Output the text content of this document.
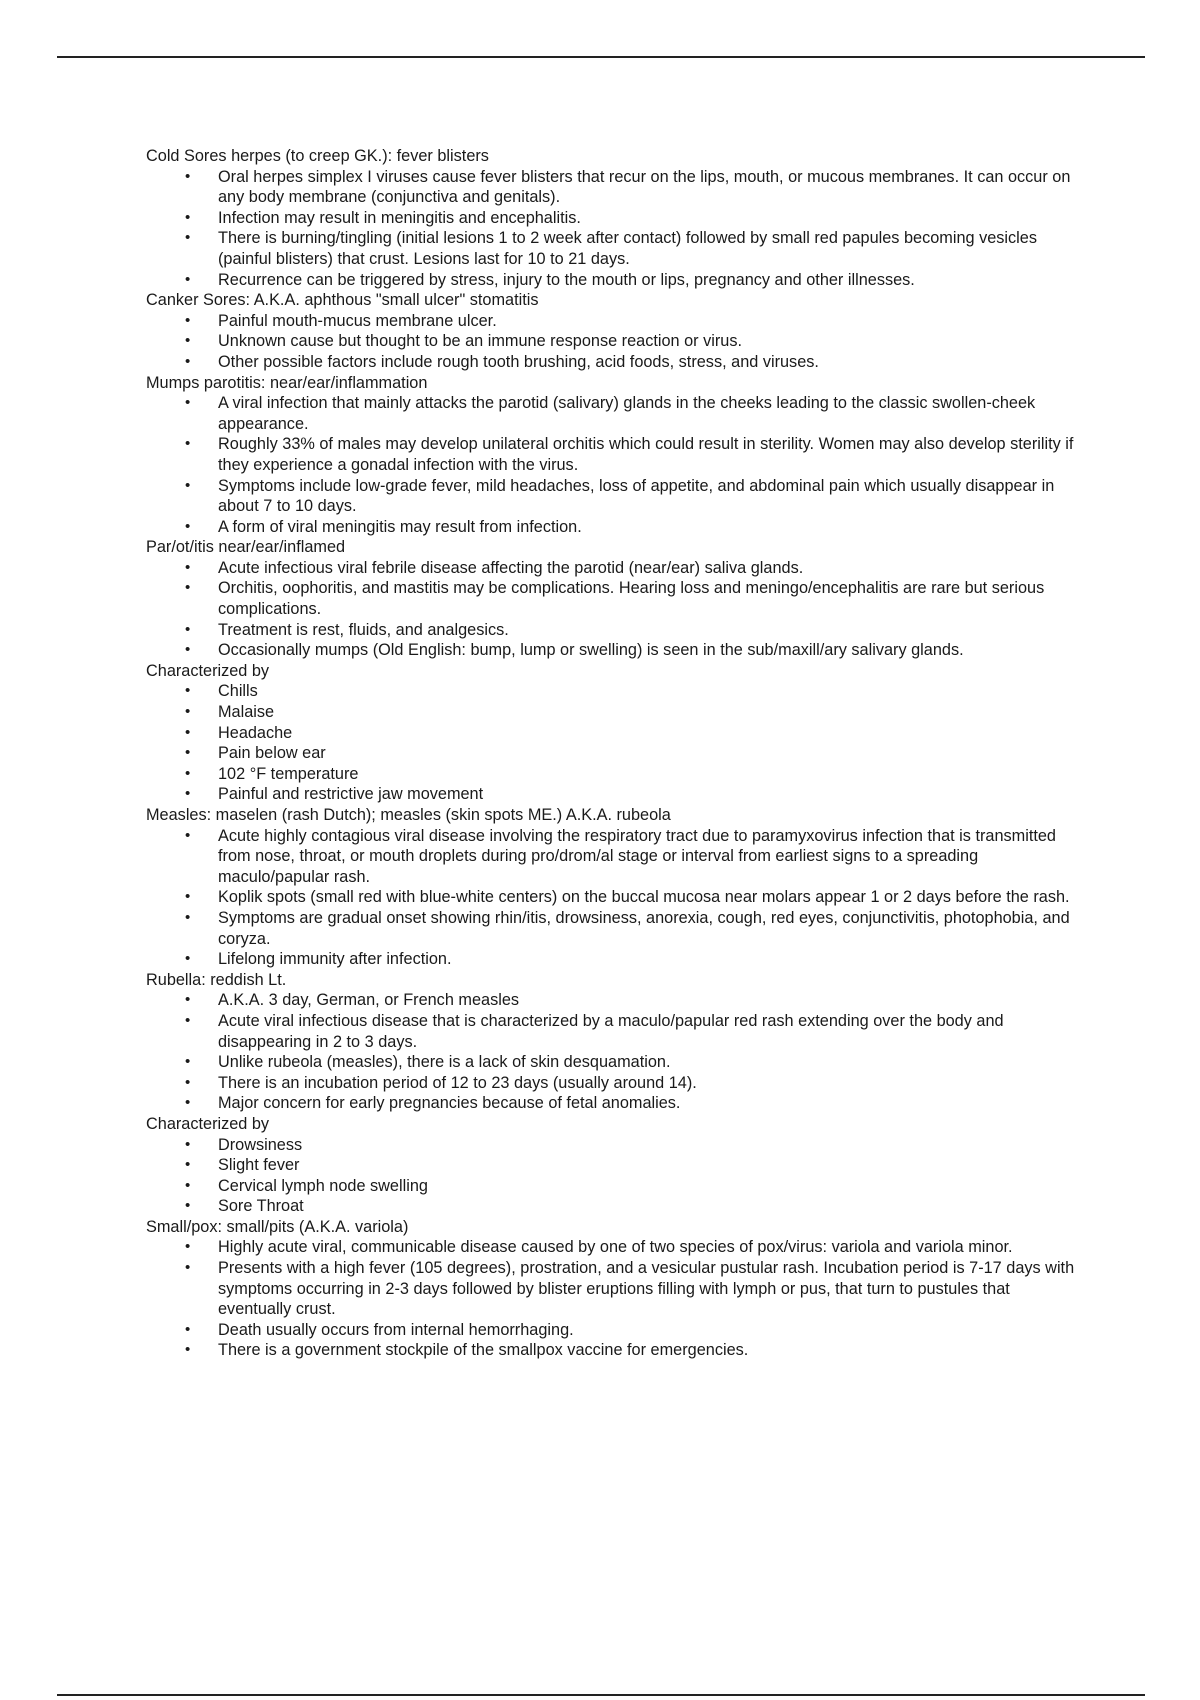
Cold Sores herpes (to creep GK.): fever blisters

• Oral herpes simplex I viruses cause fever blisters that recur on the lips, mouth, or mucous membranes. It can occur on any body membrane (conjunctiva and genitals).
• Infection may result in meningitis and encephalitis.
• There is burning/tingling (initial lesions 1 to 2 week after contact) followed by small red papules becoming vesicles (painful blisters) that crust. Lesions last for 10 to 21 days.
• Recurrence can be triggered by stress, injury to the mouth or lips, pregnancy and other illnesses.

Canker Sores: A.K.A. aphthous "small ulcer" stomatitis

• Painful mouth-mucus membrane ulcer.
• Unknown cause but thought to be an immune response reaction or virus.
• Other possible factors include rough tooth brushing, acid foods, stress, and viruses.

Mumps parotitis: near/ear/inflammation

• A viral infection that mainly attacks the parotid (salivary) glands in the cheeks leading to the classic swollen-cheek appearance.
• Roughly 33% of males may develop unilateral orchitis which could result in sterility. Women may also develop sterility if they experience a gonadal infection with the virus.
• Symptoms include low-grade fever, mild headaches, loss of appetite, and abdominal pain which usually disappear in about 7 to 10 days.
• A form of viral meningitis may result from infection.

Par/ot/itis near/ear/inflamed

• Acute infectious viral febrile disease affecting the parotid (near/ear) saliva glands.
• Orchitis, oophoritis, and mastitis may be complications. Hearing loss and meningo/encephalitis are rare but serious complications.
• Treatment is rest, fluids, and analgesics.
• Occasionally mumps (Old English: bump, lump or swelling) is seen in the sub/maxill/ary salivary glands.

Characterized by

• Chills
• Malaise
• Headache
• Pain below ear
• 102 °F temperature
• Painful and restrictive jaw movement

Measles: maselen (rash Dutch); measles (skin spots ME.) A.K.A. rubeola

• Acute highly contagious viral disease involving the respiratory tract due to paramyxovirus infection that is transmitted from nose, throat, or mouth droplets during pro/drom/al stage or interval from earliest signs to a spreading maculo/papular rash.
• Koplik spots (small red with blue-white centers) on the buccal mucosa near molars appear 1 or 2 days before the rash.
• Symptoms are gradual onset showing rhin/itis, drowsiness, anorexia, cough, red eyes, conjunctivitis, photophobia, and coryza.
• Lifelong immunity after infection.

Rubella: reddish Lt.

• A.K.A. 3 day, German, or French measles
• Acute viral infectious disease that is characterized by a maculo/papular red rash extending over the body and disappearing in 2 to 3 days.
• Unlike rubeola (measles), there is a lack of skin desquamation.
• There is an incubation period of 12 to 23 days (usually around 14).
• Major concern for early pregnancies because of fetal anomalies.

Characterized by

• Drowsiness
• Slight fever
• Cervical lymph node swelling
• Sore Throat

Small/pox: small/pits (A.K.A. variola)

• Highly acute viral, communicable disease caused by one of two species of pox/virus: variola and variola minor.
• Presents with a high fever (105 degrees), prostration, and a vesicular pustular rash. Incubation period is 7-17 days with symptoms occurring in 2-3 days followed by blister eruptions filling with lymph or pus, that turn to pustules that eventually crust.
• Death usually occurs from internal hemorrhaging.
• There is a government stockpile of the smallpox vaccine for emergencies.
